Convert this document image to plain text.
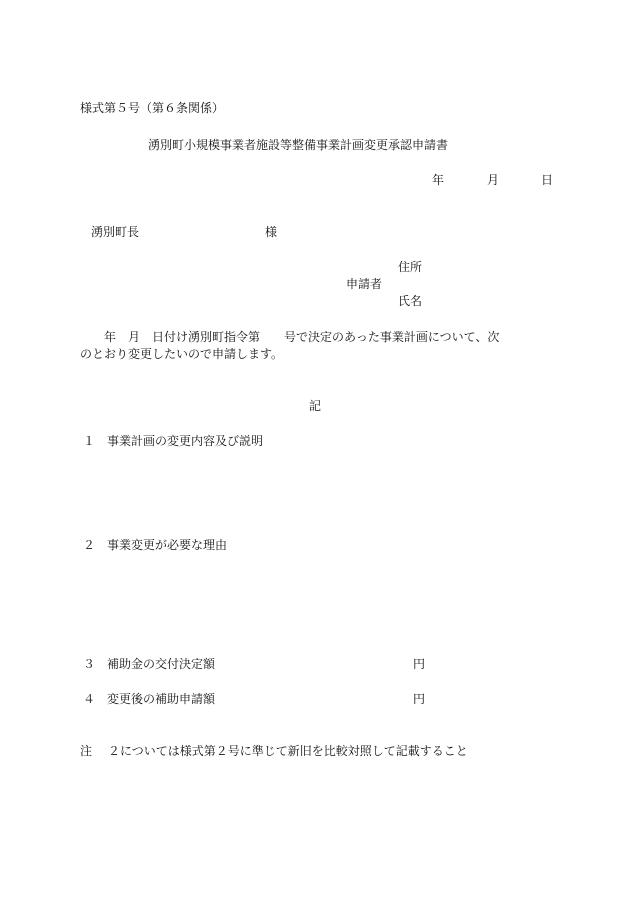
様式第５号（第６条関係）
湧別町小規模事業者施設等整備事業計画変更承認申請書
年	月	日
湧別町長	様
住所
申請者
氏名
　年　月　日付け湧別町指令第　　号で決定のあった事業計画について、次
のとおり変更したいので申請します。
記
１ 事業計画の変更内容及び説明
２ 事業変更が必要な理由
３ 補助金の交付決定額	円
４ 変更後の補助申請額	円
注 ２については様式第２号に準じて新旧を比較対照して記載すること
